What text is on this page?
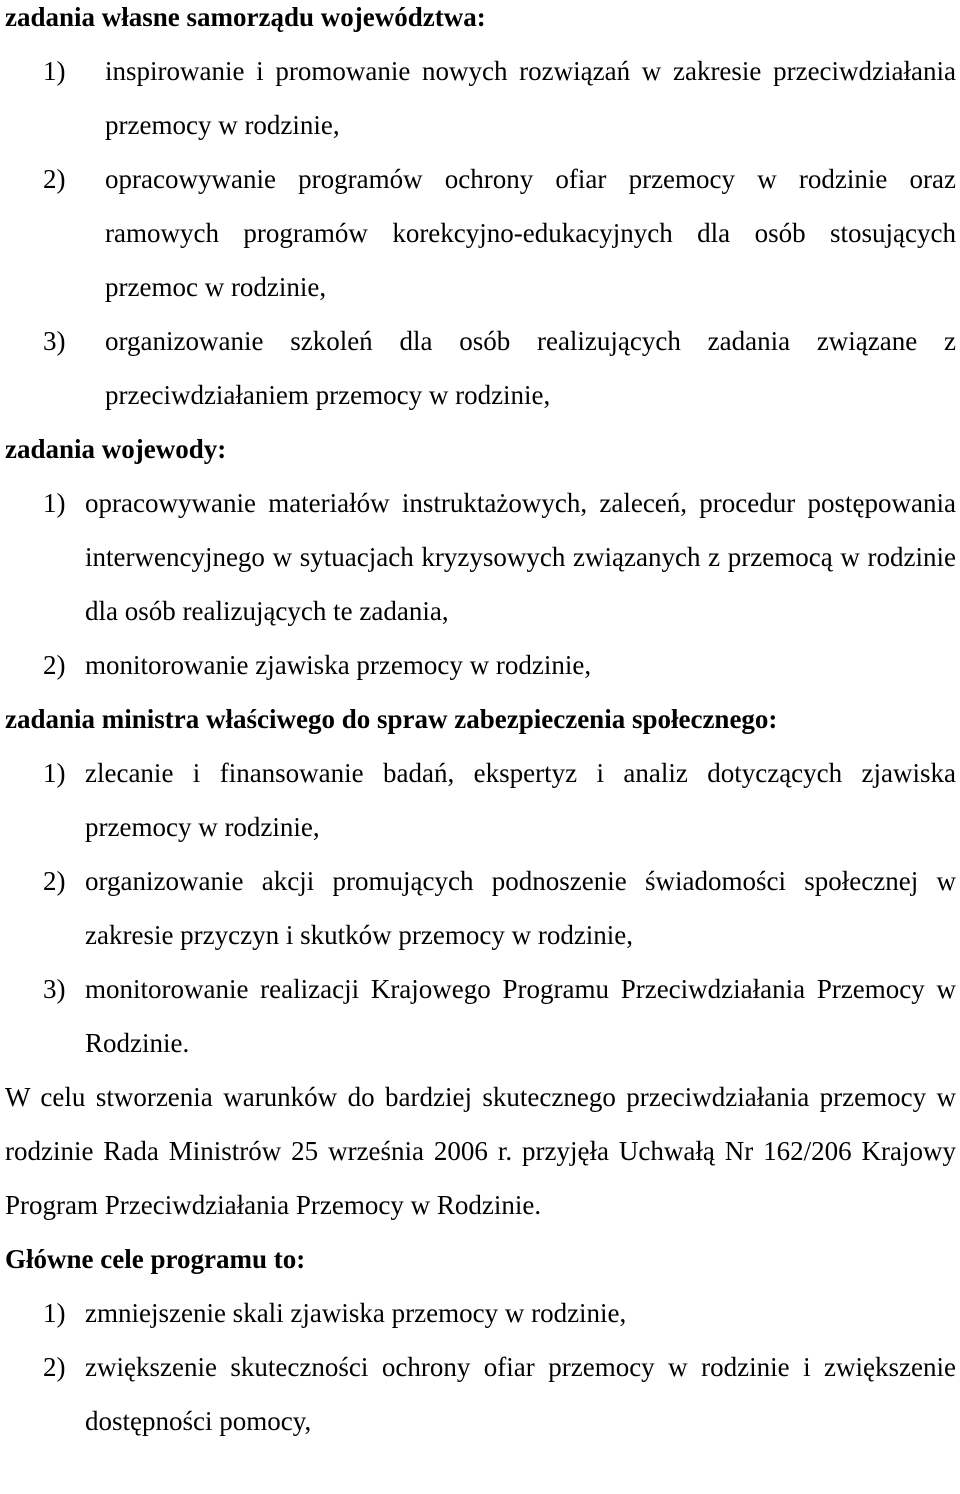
zadania własne samorządu województwa:
1)	inspirowanie i promowanie nowych rozwiązań w zakresie przeciwdziałania przemocy w rodzinie,
2)	opracowywanie programów ochrony ofiar przemocy w rodzinie oraz ramowych programów korekcyjno-edukacyjnych dla osób stosujących przemoc w rodzinie,
3)	organizowanie szkoleń dla osób realizujących zadania związane z przeciwdziałaniem przemocy w rodzinie,
zadania wojewody:
1) opracowywanie materiałów instruktażowych, zaleceń, procedur postępowania interwencyjnego w sytuacjach kryzysowych związanych z przemocą w rodzinie dla osób realizujących te zadania,
2) monitorowanie zjawiska przemocy w rodzinie,
zadania ministra właściwego do spraw zabezpieczenia społecznego:
1) zlecanie i finansowanie badań, ekspertyz i analiz dotyczących zjawiska przemocy w rodzinie,
2) organizowanie akcji promujących podnoszenie świadomości społecznej w zakresie przyczyn i skutków przemocy w rodzinie,
3) monitorowanie realizacji Krajowego Programu Przeciwdziałania Przemocy w Rodzinie.

W celu stworzenia warunków do bardziej skutecznego przeciwdziałania przemocy w rodzinie Rada Ministrów 25 września 2006 r. przyjęła Uchwałą Nr 162/206 Krajowy Program Przeciwdziałania Przemocy w Rodzinie.

Główne cele programu to:
1) zmniejszenie skali zjawiska przemocy w rodzinie,
2) zwiększenie skuteczności ochrony ofiar przemocy w rodzinie i zwiększenie dostępności pomocy,
